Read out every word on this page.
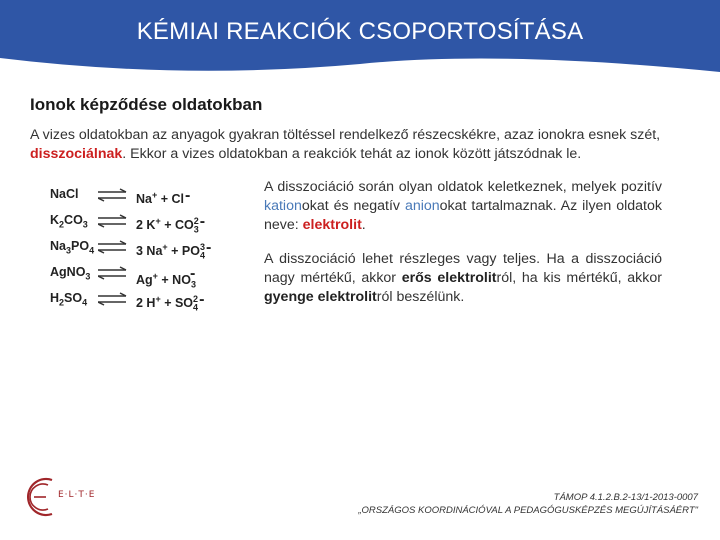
KÉMIAI REAKCIÓK CSOPORTOSÍTÁSA
Ionok képződése oldatokban
A vizes oldatokban az anyagok gyakran töltéssel rendelkező részecskékre, azaz ionokra esnek szét, disszociálnak. Ekkor a vizes oldatokban a reakciók tehát az ionok között játszódnak le.
NaCl ⇌ Na+ + Cl-
$K_2CO_3$ ⇌ 2 $K^+ + CO_3^2-$
$Na_3PO_4$ ⇌ 3 $Na^+ + PO_4^3-$
AgNO$_3$ ⇌ $Ag^+ + NO_3-$
$H_2SO_4$ ⇌ 2 $H^+ + SO_4^2-$
A disszociáció során olyan oldatok keletkeznek, melyek pozitív kationokat és negatív anionokat tartalmaznak. Az ilyen oldatok neve: elektrolit.
A disszociáció lehet részleges vagy teljes. Ha a disszociáció nagy mértékű, akkor erős elektrolitról, ha kis mértékű, akkor gyenge elektrolitról beszélünk.
E·L·T·E	TÁMOP 4.1.2.B.2-13/1-2013-0007
„ORSZÁGOS KOORDINÁCIÓVAL A PEDAGÓGUSKÉPZÉS MEGÚJÍTÁSÁÉRT"
